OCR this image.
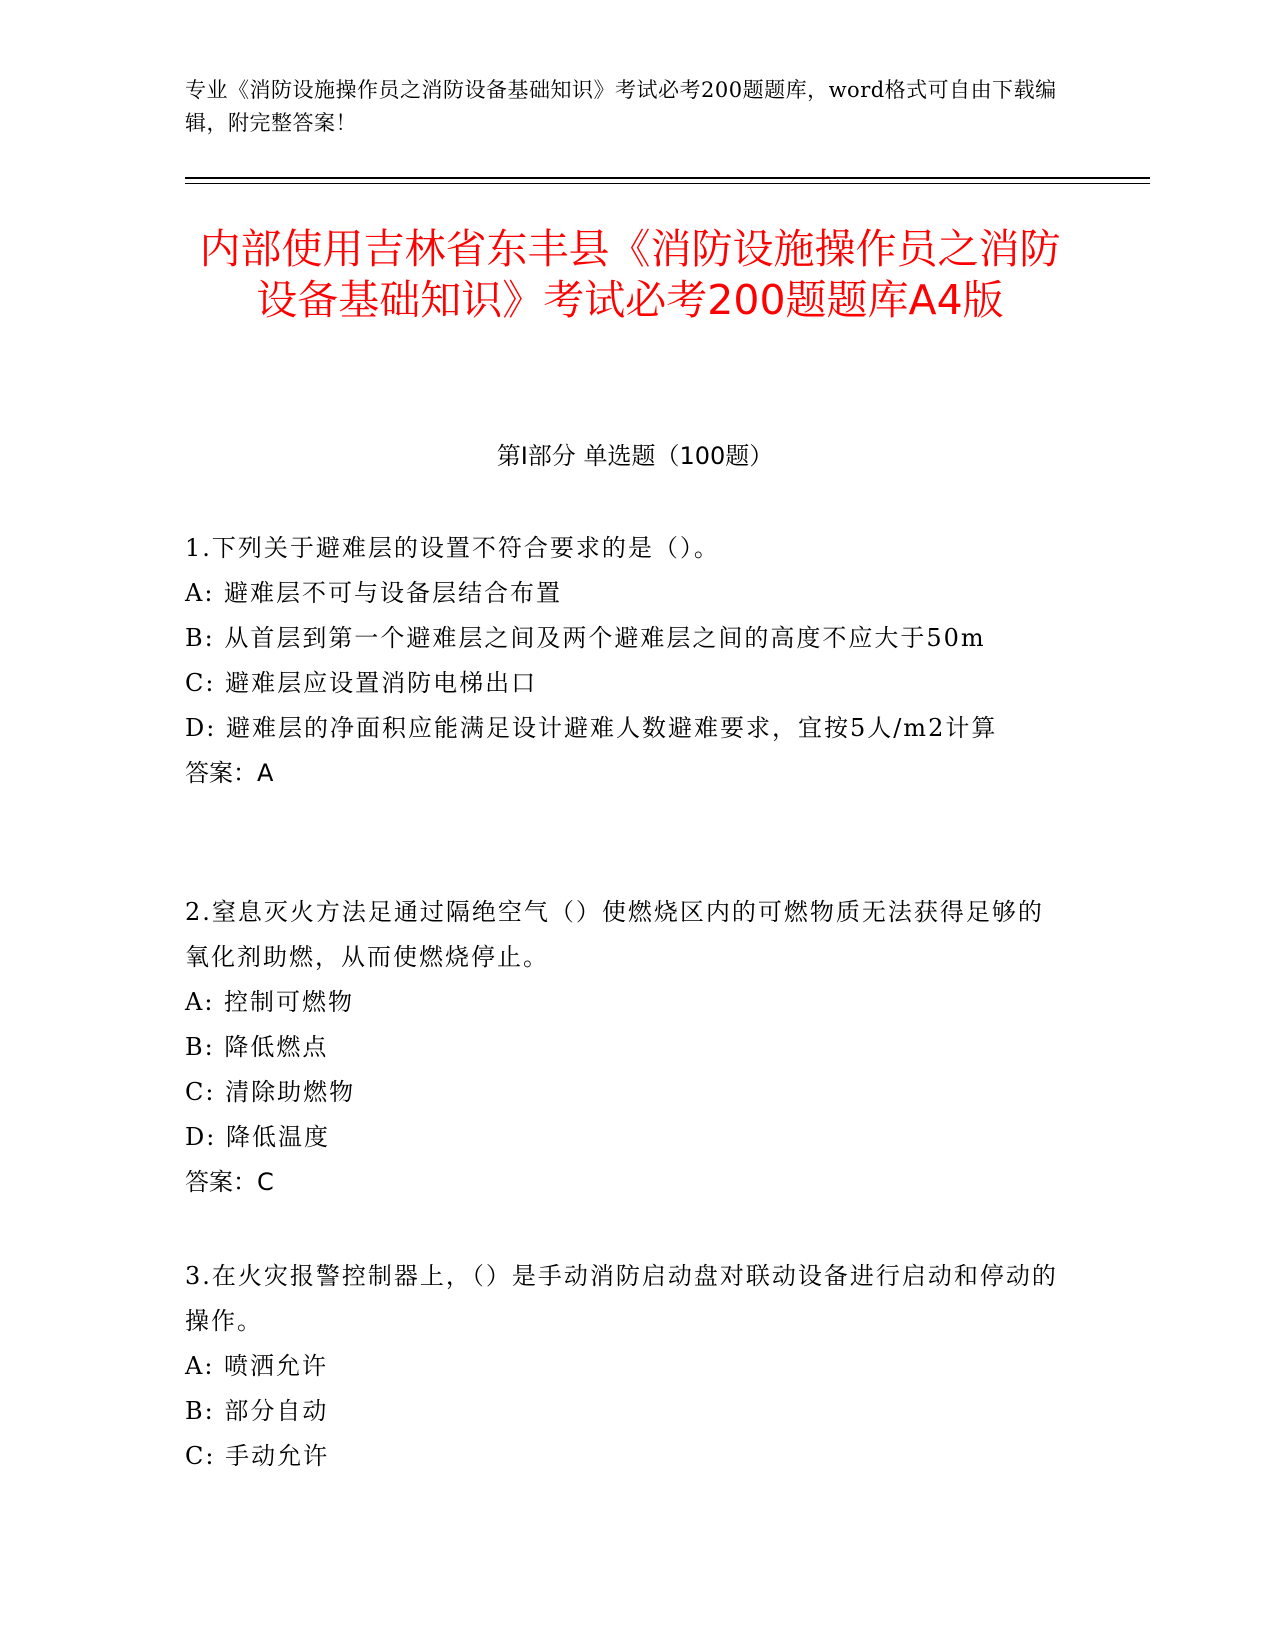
专业《消防设施操作员之消防设备基础知识》考试必考200题题库，word格式可自由下载编辑，附完整答案！
内部使用吉林省东丰县《消防设施操作员之消防设备基础知识》考试必考200题题库A4版
第I部分 单选题（100题）
1.下列关于避难层的设置不符合要求的是（）。
A: 避难层不可与设备层结合布置
B: 从首层到第一个避难层之间及两个避难层之间的高度不应大于50m
C: 避难层应设置消防电梯出口
D: 避难层的净面积应能满足设计避难人数避难要求，宜按5人/m2计算
答案：A
2.窒息灭火方法足通过隔绝空气（）使燃烧区内的可燃物质无法获得足够的氧化剂助燃，从而使燃烧停止。
A: 控制可燃物
B: 降低燃点
C: 清除助燃物
D: 降低温度
答案：C
3.在火灾报警控制器上，（）是手动消防启动盘对联动设备进行启动和停动的操作。
A: 喷洒允许
B: 部分自动
C: 手动允许
